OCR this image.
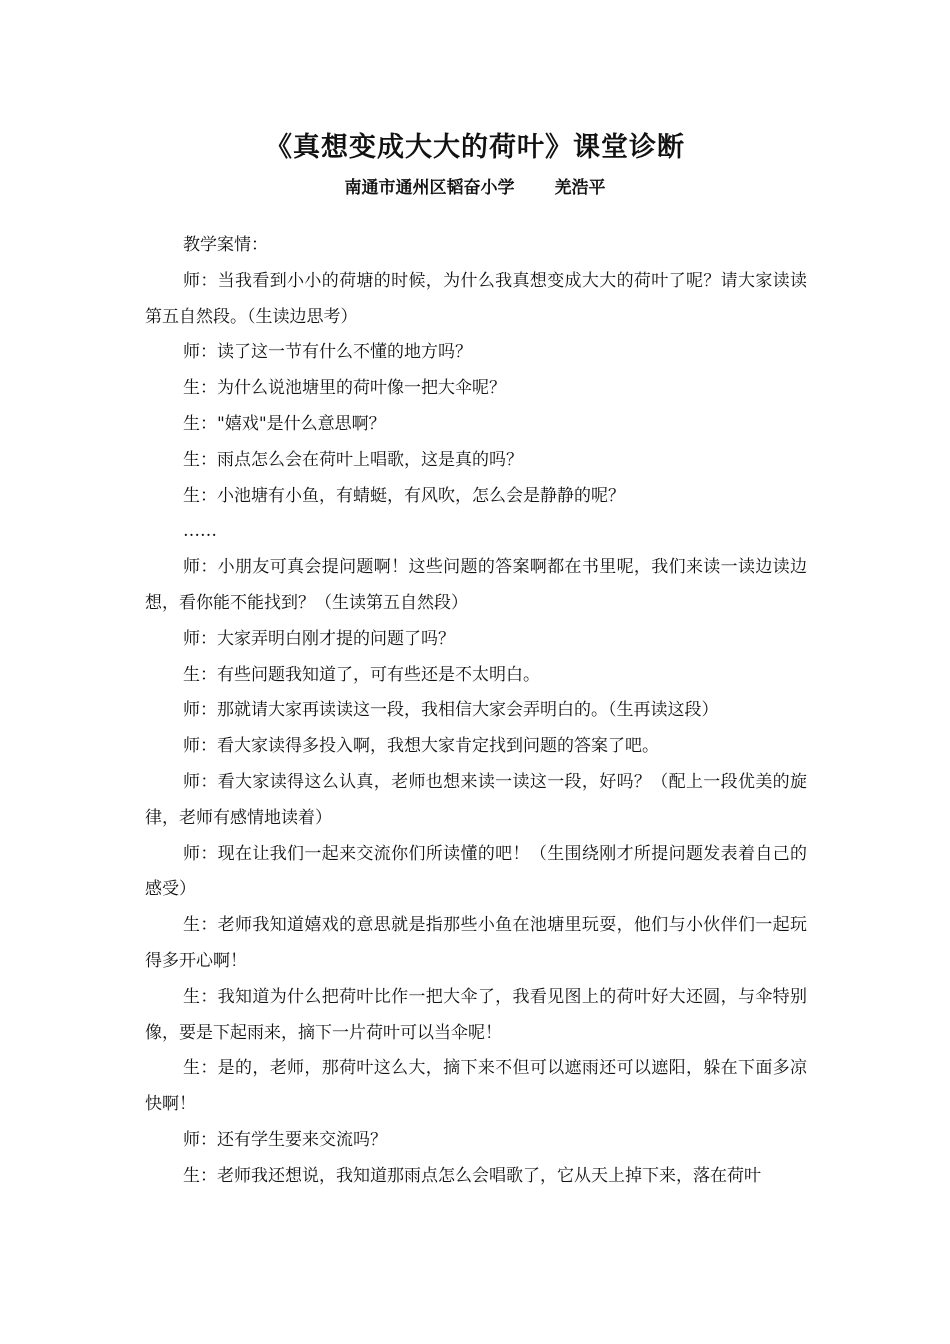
《真想变成大大的荷叶》课堂诊断
南通市通州区韬奋小学 羌浩平

教学案情：

师：当我看到小小的荷塘的时候，为什么我真想变成大大的荷叶了呢？请大家读读第五自然段。（生读边思考）

师：读了这一节有什么不懂的地方吗？

生：为什么说池塘里的荷叶像一把大伞呢？

生："嬉戏"是什么意思啊？

生：雨点怎么会在荷叶上唱歌，这是真的吗？

生：小池塘有小鱼，有蜻蜓，有风吹，怎么会是静静的呢？

……

师：小朋友可真会提问题啊！这些问题的答案啊都在书里呢，我们来读一读边读边想，看你能不能找到？（生读第五自然段）

师：大家弄明白刚才提的问题了吗？

生：有些问题我知道了，可有些还是不太明白。

师：那就请大家再读读这一段，我相信大家会弄明白的。（生再读这段）

师：看大家读得多投入啊，我想大家肯定找到问题的答案了吧。

师：看大家读得这么认真，老师也想来读一读这一段，好吗？（配上一段优美的旋律，老师有感情地读着）

师：现在让我们一起来交流你们所读懂的吧！（生围绕刚才所提问题发表着自己的感受）

生：老师我知道嬉戏的意思就是指那些小鱼在池塘里玩耍，他们与小伙伴们一起玩得多开心啊！

生：我知道为什么把荷叶比作一把大伞了，我看见图上的荷叶好大还圆，与伞特别像，要是下起雨来，摘下一片荷叶可以当伞呢！

生：是的，老师，那荷叶这么大，摘下来不但可以遮雨还可以遮阳，躲在下面多凉快啊！

师：还有学生要来交流吗？

生：老师我还想说，我知道那雨点怎么会唱歌了，它从天上掉下来，落在荷叶
